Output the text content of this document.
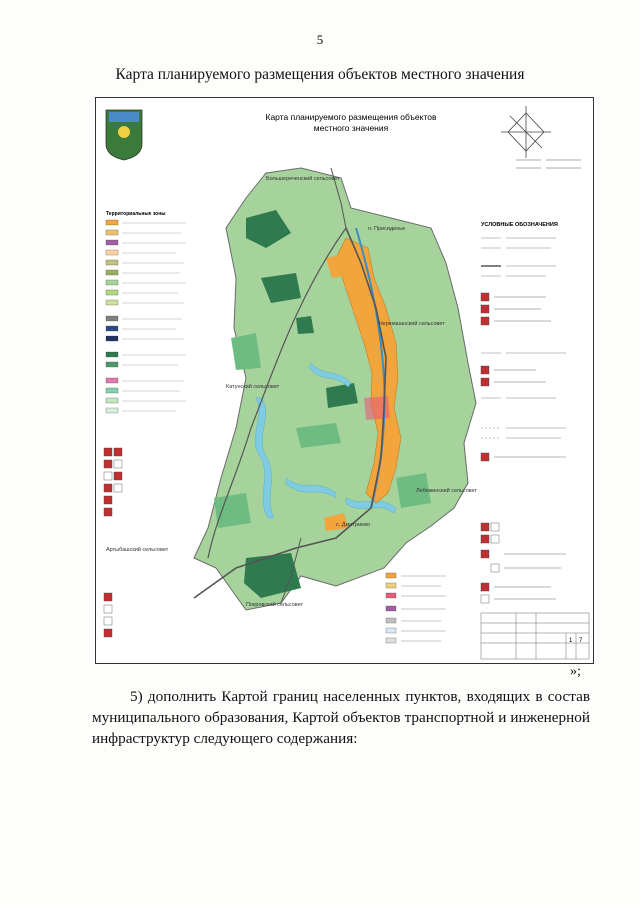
5
Карта планируемого размещения объектов местного значения
Карта планируемого размещения объектов
местного значения
Большереченский сельсовет
Черемшанский сельсовет
Катунский сельсовет
Лебяжинский сельсовет
Артыбашский сельсовет
Покровский сельсовет
п. Присиденье
с. Дмитриево
Территориальные зоны
УСЛОВНЫЕ ОБОЗНАЧЕНИЯ
1 7
»;
5) дополнить Картой границ населенных пунктов, входящих в состав муниципального образования, Картой объектов транспортной и инженерной инфраструктур следующего содержания:
